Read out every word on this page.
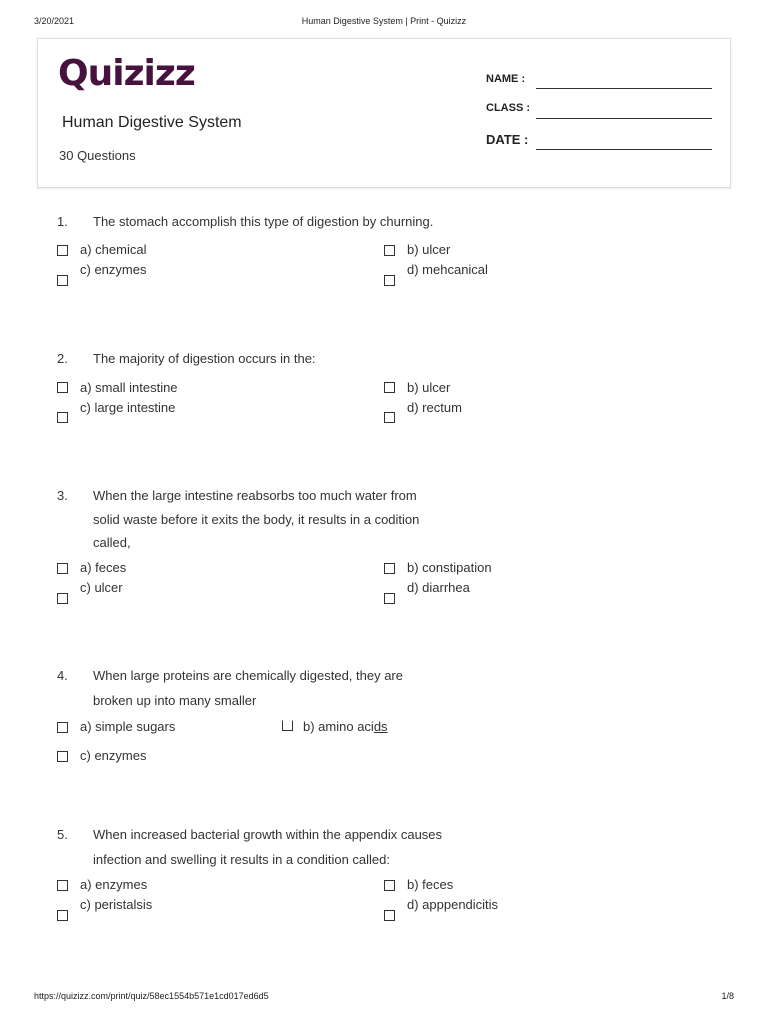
3/20/2021	Human Digestive System | Print - Quizizz
Quizizz
Human Digestive System
30 Questions
NAME :
CLASS :
DATE :
1. The stomach accomplish this type of digestion by churning.
a) chemical	b) ulcer
c) enzymes	d) mehcanical
2. The majority of digestion occurs in the:
a) small intestine	b) ulcer
c) large intestine	d) rectum
3. When the large intestine reabsorbs too much water from
solid waste before it exits the body, it results in a codition
called,
a) feces	b) constipation
c) ulcer	d) diarrhea
4. When large proteins are chemically digested, they are
broken up into many smaller
a) simple sugars	b) amino acids
c) enzymes
5. When increased bacterial growth within the appendix causes
infection and swelling it results in a condition called:
a) enzymes	b) feces
c) peristalsis	d) apppendicitis
https://quizizz.com/print/quiz/58ec1554b571e1cd017ed6d5	1/8
